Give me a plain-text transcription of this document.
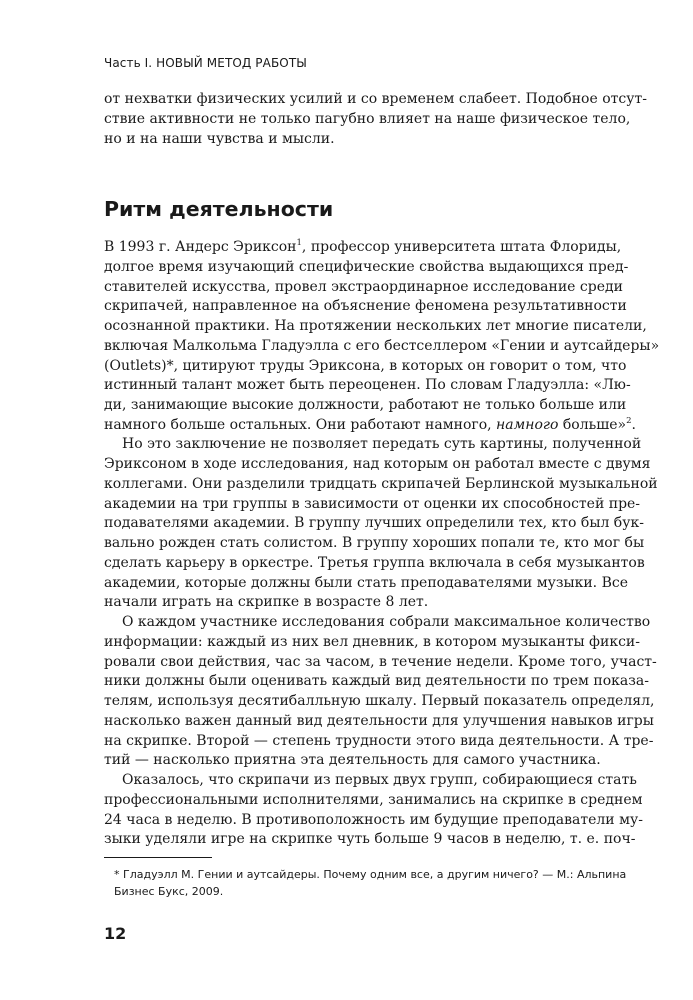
Часть I. НОВЫЙ МЕТОД РАБОТЫ
от нехватки физических усилий и со временем слабеет. Подобное отсут-
ствие активности не только пагубно влияет на наше физическое тело,
но и на наши чувства и мысли.
Ритм деятельности
В 1993 г. Андерс Эриксон$^1$, профессор университета штата Флориды,
долгое время изучающий специфические свойства выдающихся пред-
ставителей искусства, провел экстраординарное исследование среди
скрипачей, направленное на объяснение феномена результативности
осознанной практики. На протяжении нескольких лет многие писатели,
включая Малкольма Гладуэлла с его бестселлером «Гении и аутсайдеры»
(Outlets)*, цитируют труды Эриксона, в которых он говорит о том, что
истинный талант может быть переоценен. По словам Гладуэлла: «Лю-
ди, занимающие высокие должности, работают не только больше или
намного больше остальных. Они работают намного, намного больше»$^2$.
Но это заключение не позволяет передать суть картины, полученной
Эриксоном в ходе исследования, над которым он работал вместе с двумя
коллегами. Они разделили тридцать скрипачей Берлинской музыкальной
академии на три группы в зависимости от оценки их способностей пре-
подавателями академии. В группу лучших определили тех, кто был бук-
вально рожден стать солистом. В группу хороших попали те, кто мог бы
сделать карьеру в оркестре. Третья группа включала в себя музыкантов
академии, которые должны были стать преподавателями музыки. Все
начали играть на скрипке в возрасте 8 лет.
О каждом участнике исследования собрали максимальное количество
информации: каждый из них вел дневник, в котором музыканты фикси-
ровали свои действия, час за часом, в течение недели. Кроме того, участ-
ники должны были оценивать каждый вид деятельности по трем показа-
телям, используя десятибалльную шкалу. Первый показатель определял,
насколько важен данный вид деятельности для улучшения навыков игры
на скрипке. Второй — степень трудности этого вида деятельности. А тре-
тий — насколько приятна эта деятельность для самого участника.
Оказалось, что скрипачи из первых двух групп, собирающиеся стать
профессиональными исполнителями, занимались на скрипке в среднем
24 часа в неделю. В противоположность им будущие преподаватели му-
зыки уделяли игре на скрипке чуть больше 9 часов в неделю, т. е. поч-
* Гладуэлл М. Гении и аутсайдеры. Почему одним все, а другим ничего? — М.: Альпина
Бизнес Букс, 2009.
12
